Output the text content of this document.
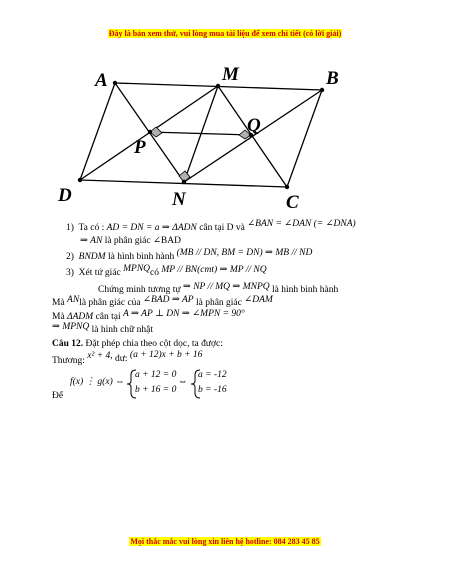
Đây là bản xem thử, vui lòng mua tài liệu để xem chi tiết (có lời giải)
A	M	B
Q
P
D	N	C
1) Ta có : AD = DN = a ⇒ ΔADN cân tại D và ∠BAN = ∠DAN (= ∠DNA)
⇒ AN là phân giác ∠BAD
2) BNDM là hình bình hành (MB // DN, BM = DN) ⇒ MB // ND
3) Xét tứ giác MPNQcó MP // BN(cmt) ⇒ MP // NQ
Chứng minh tương tự ⇒ NP // MQ ⇒ MNPQ là hình bình hành
Mà ANlà phân giác của ∠BAD ⇒ AP là phân giác ∠DAM
Mà ΔADM cân tại A ⇒ AP ⊥ DN ⇒ ∠MPN = 90°
⇒ MPNQ là hình chữ nhật
Câu 12. Đặt phép chia theo cột dọc, ta được:
Thương: x² + 4, dư: (a + 12)x + b + 16
Để
f(x) ⋮ g(x) ⇔
a + 12 = 0
b + 16 = 0
⇔
a = -12
b = -16
Mọi thắc mắc vui lòng xin liên hệ hotline: 084 283 45 85
